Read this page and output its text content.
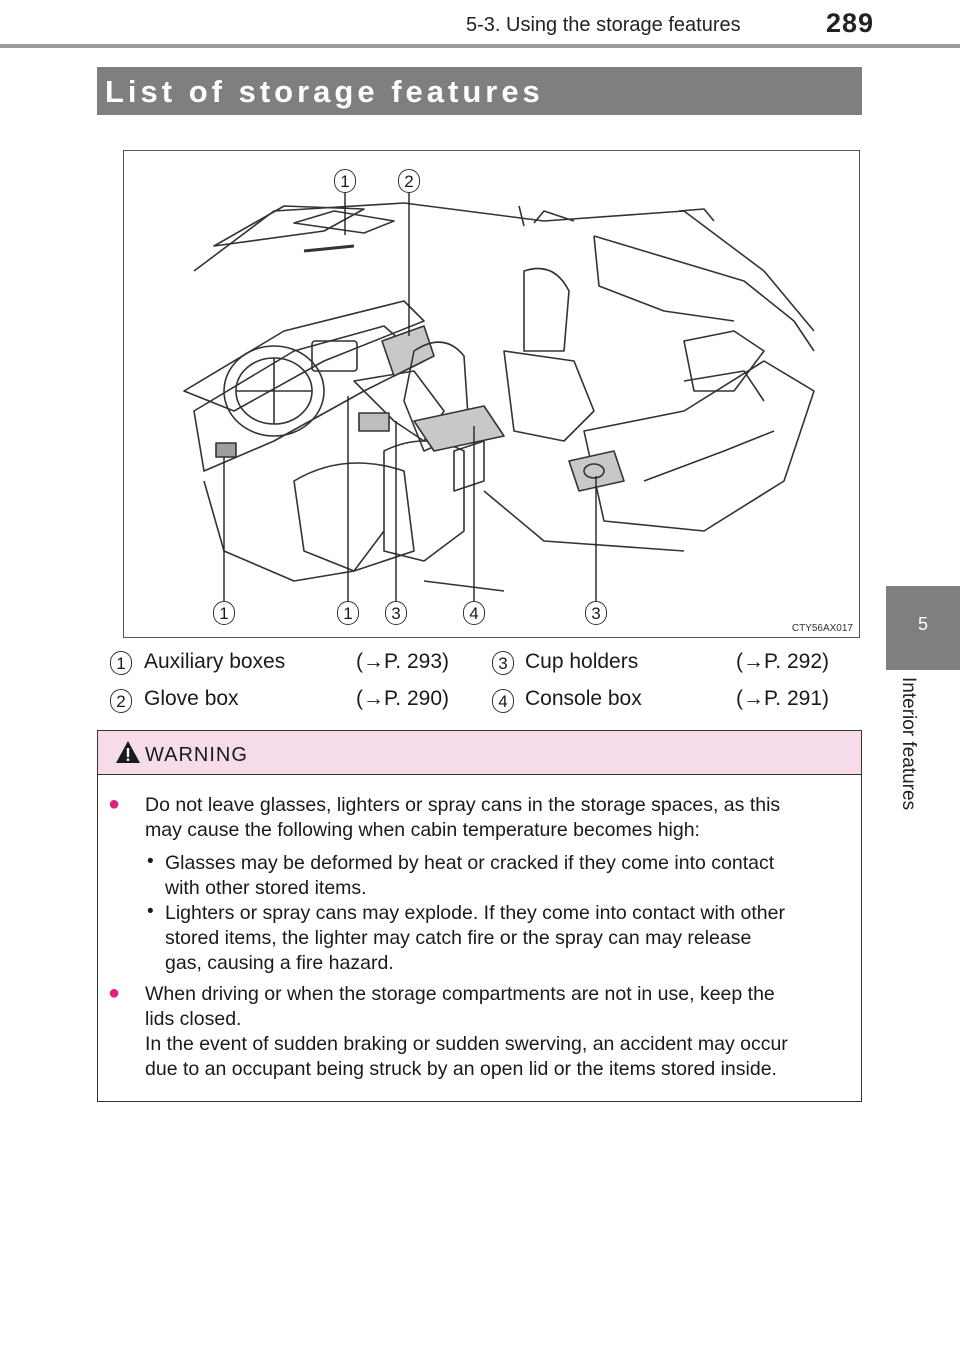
5-3. Using the storage features	289
5
Interior features
List of storage features
1	2
1	1	3	4	3
CTY56AX017
1 Auxiliary boxes	(→P. 293)
2 Glove box	(→P. 290)
3 Cup holders	(→P. 292)
4 Console box	(→P. 291)
WARNING
● Do not leave glasses, lighters or spray cans in the storage spaces, as this
may cause the following when cabin temperature becomes high:
• Glasses may be deformed by heat or cracked if they come into contact
with other stored items.
• Lighters or spray cans may explode. If they come into contact with other
stored items, the lighter may catch fire or the spray can may release
gas, causing a fire hazard.
● When driving or when the storage compartments are not in use, keep the
lids closed.
In the event of sudden braking or sudden swerving, an accident may occur
due to an occupant being struck by an open lid or the items stored inside.
